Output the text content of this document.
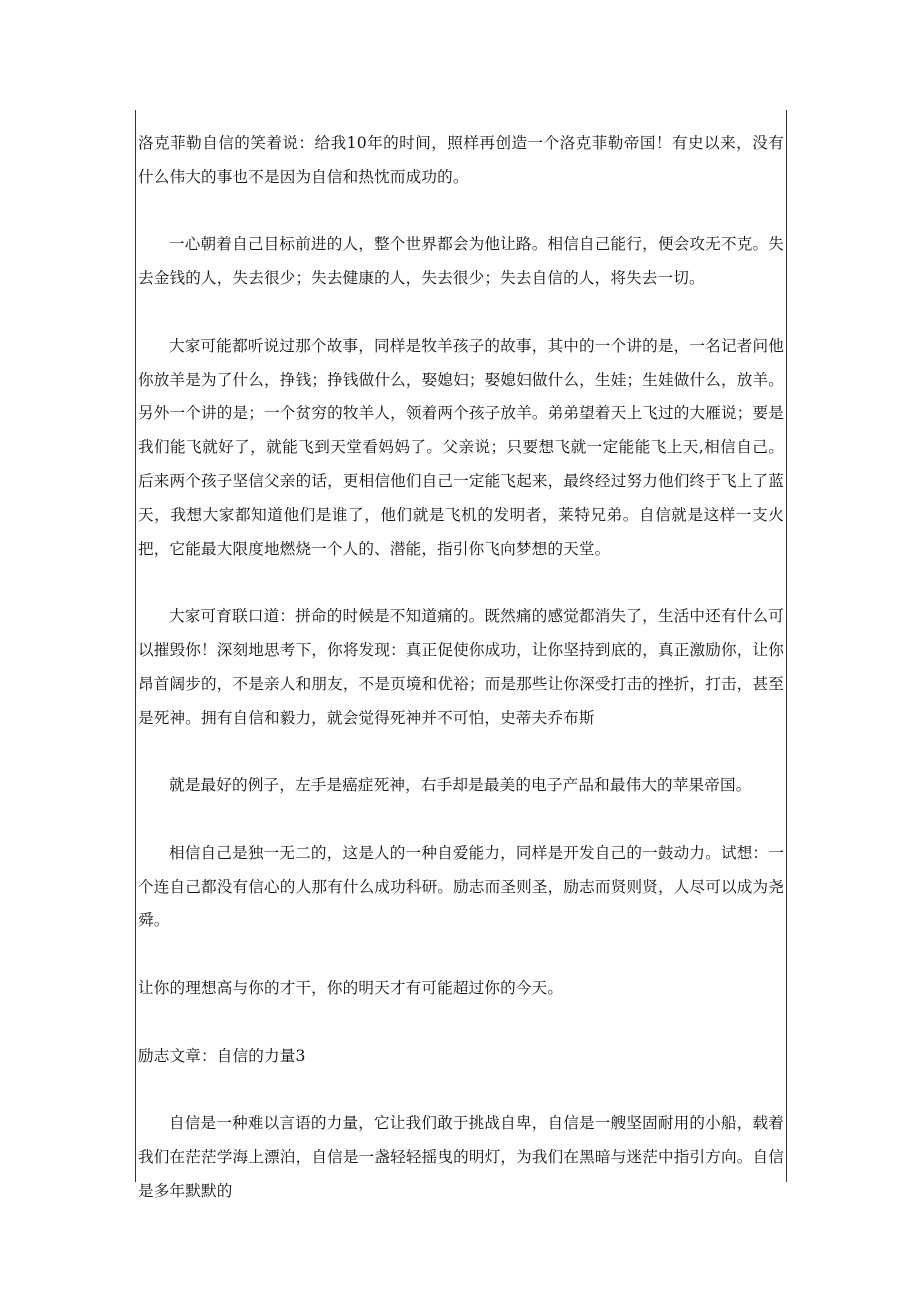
洛克菲勒自信的笑着说：给我10年的时间，照样再创造一个洛克菲勒帝国！有史以来，没有什么伟大的事也不是因为自信和热忱而成功的。

一心朝着自己目标前进的人，整个世界都会为他让路。相信自己能行，便会攻无不克。失去金钱的人，失去很少；失去健康的人，失去很少；失去自信的人，将失去一切。

大家可能都听说过那个故事，同样是牧羊孩子的故事，其中的一个讲的是，一名记者问他你放羊是为了什么，挣钱；挣钱做什么，娶媳妇；娶媳妇做什么，生娃；生娃做什么，放羊。另外一个讲的是；一个贫穷的牧羊人，领着两个孩子放羊。弟弟望着天上飞过的大雁说；要是我们能飞就好了，就能飞到天堂看妈妈了。父亲说；只要想飞就一定能能飞上天,相信自己。后来两个孩子坚信父亲的话，更相信他们自己一定能飞起来，最终经过努力他们终于飞上了蓝天，我想大家都知道他们是谁了，他们就是飞机的发明者，莱特兄弟。自信就是这样一支火把，它能最大限度地燃烧一个人的、潜能，指引你飞向梦想的天堂。

大家可育联口道：拼命的时候是不知道痛的。既然痛的感觉都消失了，生活中还有什么可以摧毁你！深刻地思考下，你将发现：真正促使你成功，让你坚持到底的，真正激励你，让你昂首阔步的，不是亲人和朋友，不是页境和优裕；而是那些让你深受打击的挫折，打击，甚至是死神。拥有自信和毅力，就会觉得死神并不可怕，史蒂夫乔布斯

就是最好的例子，左手是癌症死神，右手却是最美的电子产品和最伟大的苹果帝国。

相信自己是独一无二的，这是人的一种自爱能力，同样是开发自己的一鼓动力。试想：一个连自己都没有信心的人那有什么成功科研。励志而圣则圣，励志而贤则贤，人尽可以成为尧舜。

让你的理想高与你的才干，你的明天才有可能超过你的今天。

励志文章：自信的力量3

自信是一种难以言语的力量，它让我们敢于挑战自卑，自信是一艘坚固耐用的小船，载着我们在茫茫学海上漂泊，自信是一盏轻轻摇曳的明灯，为我们在黑暗与迷茫中指引方向。自信是多年默默的
